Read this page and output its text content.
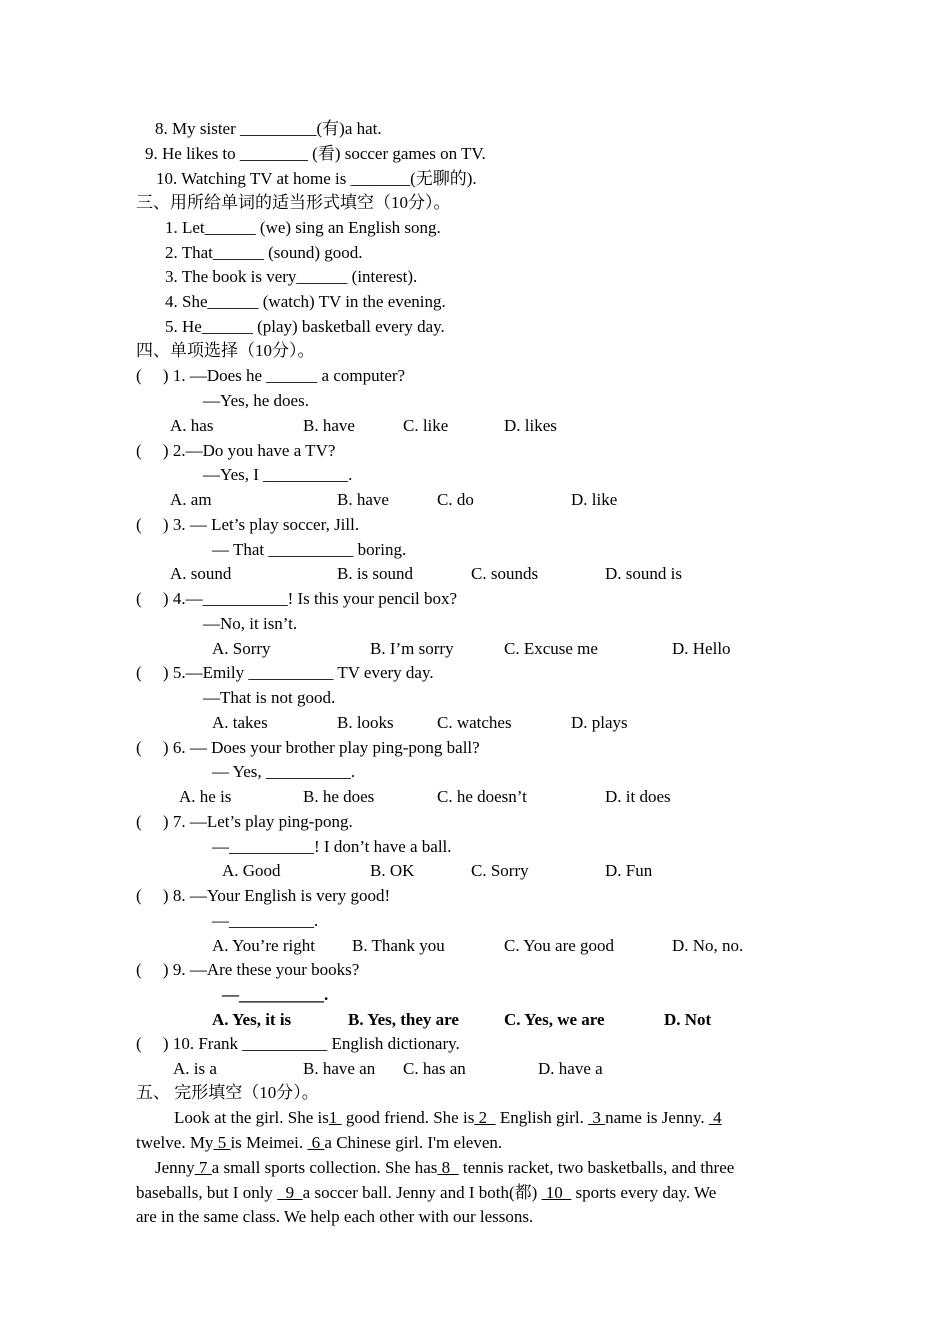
8. My sister _________(有)a hat.
9. He likes to ________ (看) soccer games on TV.
10. Watching TV at home is _______(无聊的).
三、用所给单词的适当形式填空（10分）。
1. Let______ (we) sing an English song.
2. That______ (sound) good.
3. The book is very______ (interest).
4. She______ (watch) TV in the evening.
5. He______ (play) basketball every day.
四、单项选择（10分）。
(     ) 1. —Does he ______ a computer?
—Yes, he does.
A. has	B. have	C. like	D. likes
(     ) 2.—Do you have a TV?
—Yes, I __________.
A. am	B. have	C. do	D. like
(     ) 3. — Let’s play soccer, Jill.
— That __________ boring.
A. sound	B. is sound	C. sounds	D. sound is
(     ) 4.—__________! Is this your pencil box?
—No, it isn’t.
A. Sorry	B. I’m sorry	C. Excuse me	D. Hello
(     ) 5.—Emily __________ TV every day.
—That is not good.
A. takes	B. looks	C. watches	D. plays
(     ) 6. — Does your brother play ping-pong ball?
— Yes, __________.
A. he is	B. he does	C. he doesn’t	D. it does
(     ) 7. —Let’s play ping-pong.
—__________! I don’t have a ball.
A. Good	B. OK	C. Sorry	D. Fun
(     ) 8. —Your English is very good!
—__________.
A. You’re right B. Thank you	C. You are good	D. No, no.
(     ) 9. —Are these your books?
—__________.
A. Yes, it is	B. Yes, they are	C. Yes, we are	D. Not
(     ) 10. Frank __________ English dictionary.
A. is a	B. have an C. has an	D. have a
五、 完形填空（10分）。
Look at the girl. She is1  good friend. She is 2   English girl.  3 name is Jenny.  4
twelve. My 5 is Meimei.  6 a Chinese girl. I'm eleven.
Jenny 7 a small sports collection. She has 8   tennis racket, two basketballs, and three
baseballs, but I only   9  a soccer ball. Jenny and I both(都)  10   sports every day. We
are in the same class. We help each other with our lessons.
